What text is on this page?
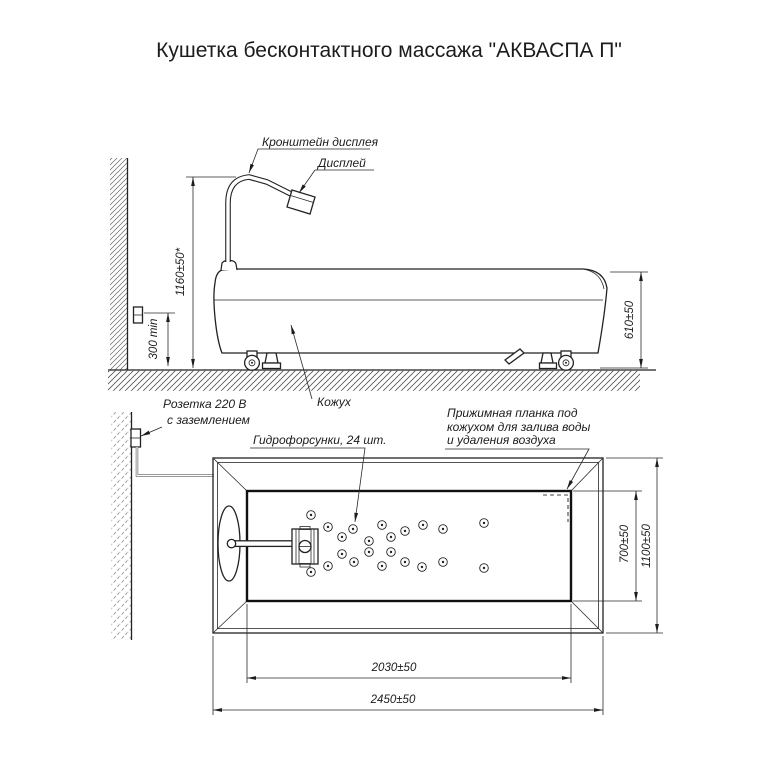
Кушетка бесконтактного массажа "АКВАСПА П"
1160±50*
300 min	610±50
Кронштейн дисплея
Дисплей
Кожух
Розетка 220 В
с заземлением
Гидрофорсунки, 24 шт.
Прижимная планка под
кожухом для залива воды
и удаления воздуха
700±50 1100±50
2030±50
2450±50
